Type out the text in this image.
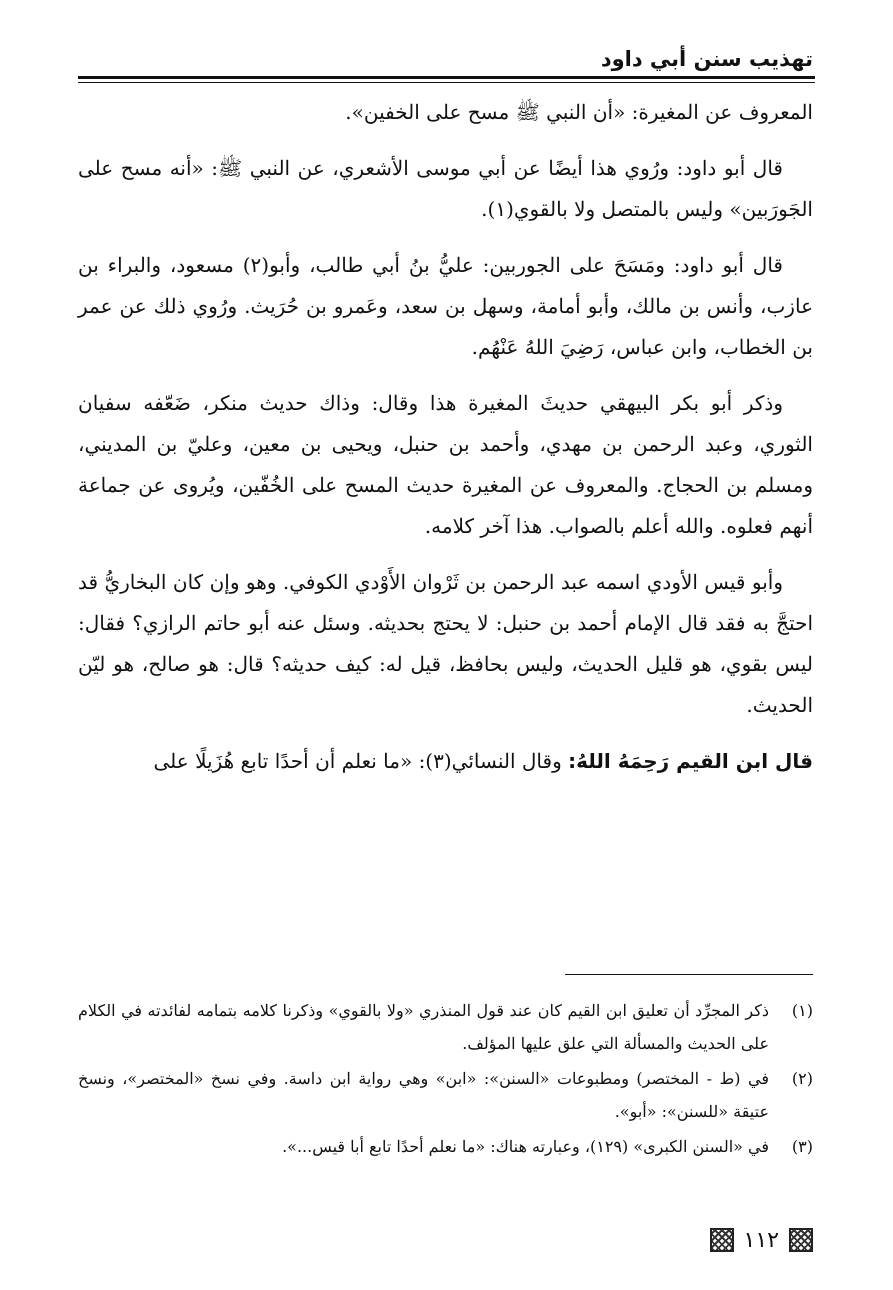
تهذيب سنن أبي داود

المعروف عن المغيرة: «أن النبي ﷺ مسح على الخفين».

قال أبو داود: ورُوي هذا أيضًا عن أبي موسى الأشعري، عن النبي ﷺ: «أنه مسح على الجَورَبين» وليس بالمتصل ولا بالقوي(١).

قال أبو داود: ومَسَحَ على الجوربين: عليُّ بنُ أبي طالب، وأبو(٢) مسعود، والبراء بن عازب، وأنس بن مالك، وأبو أمامة، وسهل بن سعد، وعَمرو بن حُرَيث. ورُوي ذلك عن عمر بن الخطاب، وابن عباس، رَضِيَ اللهُ عَنْهُم.

وذكر أبو بكر البيهقي حديثَ المغيرة هذا وقال: وذاك حديث منكر، ضَعّفه سفيان الثوري، وعبد الرحمن بن مهدي، وأحمد بن حنبل، ويحيى بن معين، وعليّ بن المديني، ومسلم بن الحجاج. والمعروف عن المغيرة حديث المسح على الخُفّين، ويُروى عن جماعة أنهم فعلوه. والله أعلم بالصواب. هذا آخر كلامه.

وأبو قيس الأودي اسمه عبد الرحمن بن ثَرْوان الأَوْدي الكوفي. وهو وإن كان البخاريُّ قد احتجَّ به فقد قال الإمام أحمد بن حنبل: لا يحتج بحديثه. وسئل عنه أبو حاتم الرازي؟ فقال: ليس بقوي، هو قليل الحديث، وليس بحافظ، قيل له: كيف حديثه؟ قال: هو صالح، هو ليّن الحديث.

قال ابن القيم رَحِمَهُ اللهُ: وقال النسائي(٣): «ما نعلم أن أحدًا تابع هُزَيلًا على

(١)
ذكر المجرِّد أن تعليق ابن القيم كان عند قول المنذري «ولا بالقوي» وذكرنا كلامه بتمامه لفائدته في الكلام على الحديث والمسألة التي علق عليها المؤلف.
(٢)
في (ط - المختصر) ومطبوعات «السنن»: «ابن» وهي رواية ابن داسة. وفي نسخ «المختصر»، ونسخ عتيقة «للسنن»: «أبو».
(٣)
في «السنن الكبرى» (١٢٩)، وعبارته هناك: «ما نعلم أحدًا تابع أبا قيس...».
١١٢
